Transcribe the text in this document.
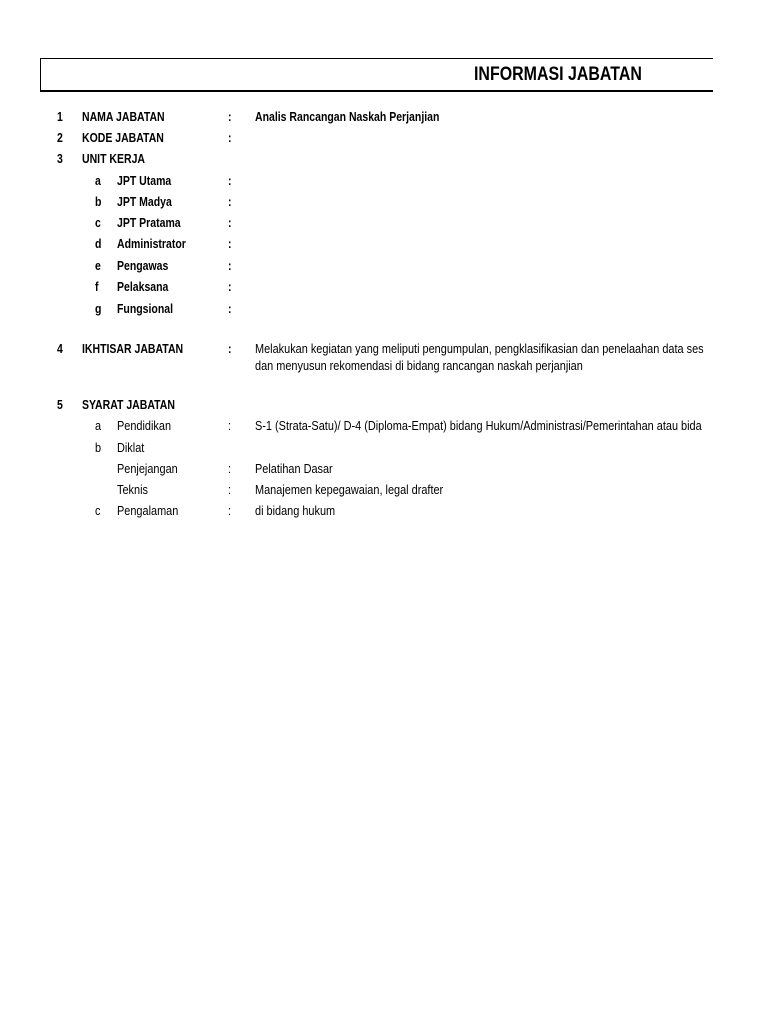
INFORMASI JABATAN
1 NAMA JABATAN	: Analis Rancangan Naskah Perjanjian
2 KODE JABATAN	:
3 UNIT KERJA
a JPT Utama	:
b JPT Madya	:
c JPT Pratama	:
d Administrator	:
e Pengawas	:
f Pelaksana	:
g Fungsional	:
4 IKHTISAR JABATAN	: Melakukan kegiatan yang meliputi pengumpulan, pengklasifikasian dan penelaahan data ses
dan menyusun rekomendasi di bidang rancangan naskah perjanjian
5 SYARAT JABATAN
a Pendidikan	: S-1 (Strata-Satu)/ D-4 (Diploma-Empat) bidang Hukum/Administrasi/Pemerintahan atau bida
b Diklat
Penjejangan	: Pelatihan Dasar
Teknis	: Manajemen kepegawaian, legal drafter
c Pengalaman	: di bidang hukum
